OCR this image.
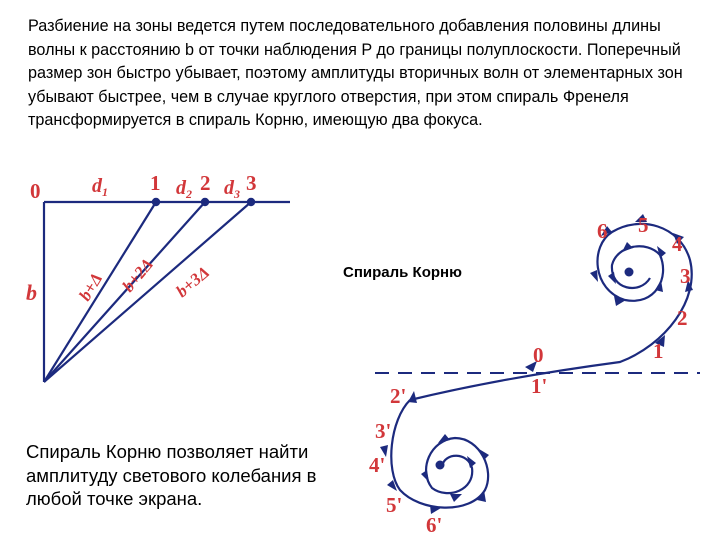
Разбиение на зоны ведется путем последовательного добавления половины длины волны к расстоянию b от точки наблюдения P до границы полуплоскости. Поперечный размер зон быстро убывает, поэтому амплитуды вторичных волн от элементарных зон убывают быстрее, чем в случае круглого отверстия, при этом спираль Френеля трансформируется в спираль Корню, имеющую два фокуса.

0
b
$d_1$	$d_2$ $d_3$
1 2 3
b+Δ b+2Δ b+3Δ
6 5
4
3
2
1
0
1'
2'
3'
4'
5'
6'
Спираль Корню

Спираль Корню позволяет найти амплитуду светового колебания в любой точке экрана.
